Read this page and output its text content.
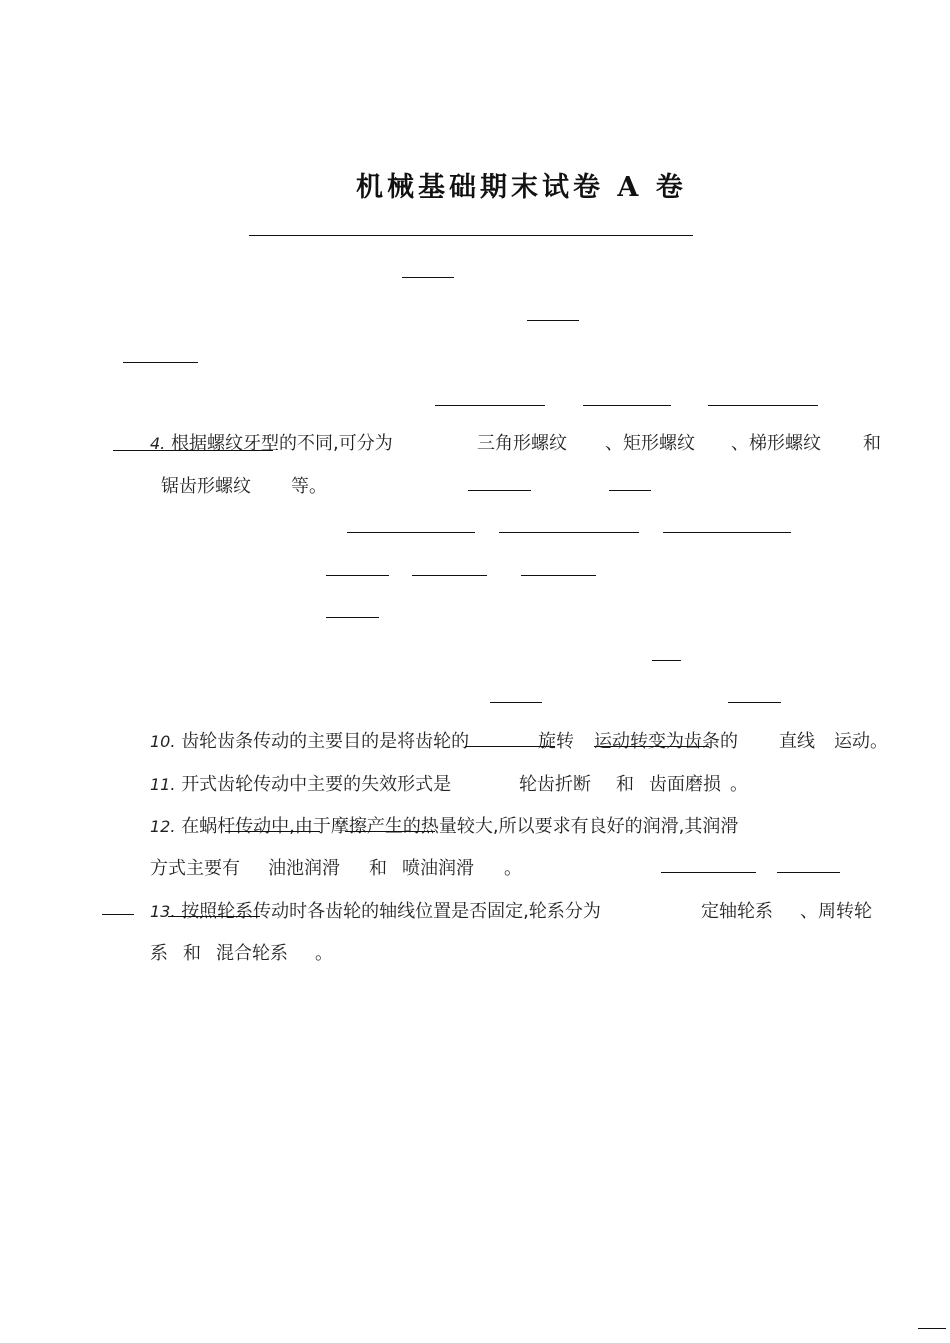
机械基础期末试卷 A 卷
4. 根据螺纹牙型的不同,可分为	三角形螺纹 、矩形螺纹 、梯形螺纹 和
锯齿形螺纹 等。
10. 齿轮齿条传动的主要目的是将齿轮的	旋转 运动转变为齿条的 直线 运动。
11. 开式齿轮传动中主要的失效形式是	轮齿折断 和 齿面磨损 。
12. 在蜗杆传动中,由于摩擦产生的热量较大,所以要求有良好的润滑,其润滑
方式主要有 油池润滑 和 喷油润滑 。
13. 按照轮系传动时各齿轮的轴线位置是否固定,轮系分为	定轴轮系 、周转轮
系 和 混合轮系 。
